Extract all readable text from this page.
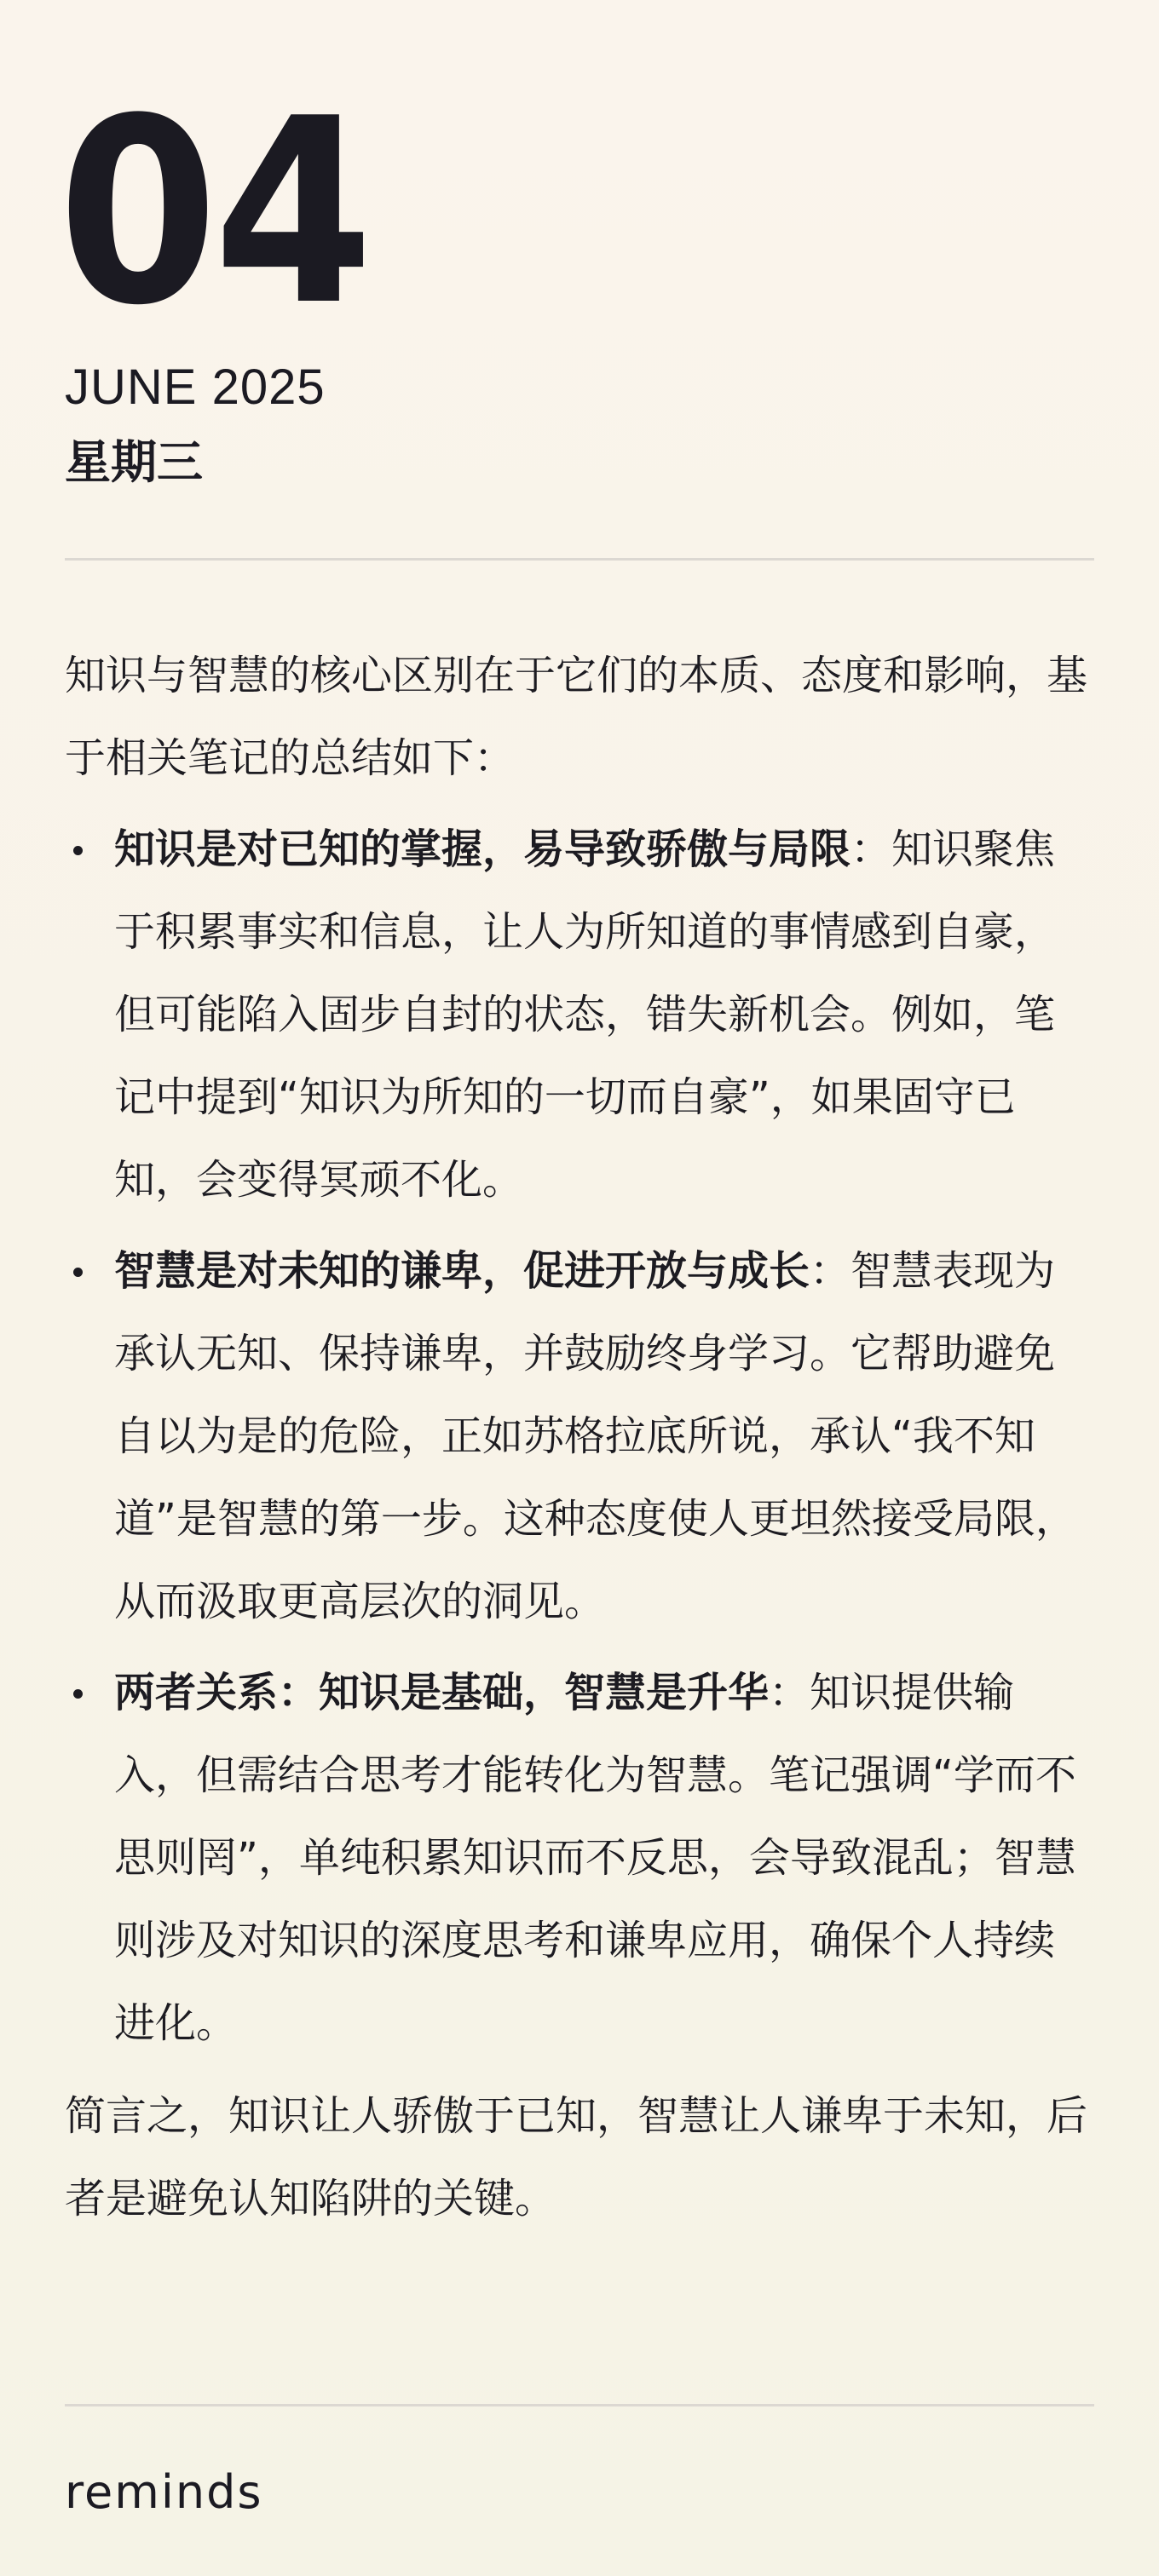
04
JUNE 2025
星期三

知识与智慧的核心区别在于它们的本质、态度和影响，基于相关笔记的总结如下：

知识是对已知的掌握，易导致骄傲与局限：知识聚焦于积累事实和信息，让人为所知道的事情感到自豪，但可能陷入固步自封的状态，错失新机会。例如，笔记中提到“知识为所知的一切而自豪”，如果固守已知，会变得冥顽不化。
智慧是对未知的谦卑，促进开放与成长：智慧表现为承认无知、保持谦卑，并鼓励终身学习。它帮助避免自以为是的危险，正如苏格拉底所说，承认“我不知道”是智慧的第一步。这种态度使人更坦然接受局限，从而汲取更高层次的洞见。
两者关系：知识是基础，智慧是升华：知识提供输入，但需结合思考才能转化为智慧。笔记强调“学而不思则罔”，单纯积累知识而不反思，会导致混乱；智慧则涉及对知识的深度思考和谦卑应用，确保个人持续进化。

简言之，知识让人骄傲于已知，智慧让人谦卑于未知，后者是避免认知陷阱的关键。

reminds
